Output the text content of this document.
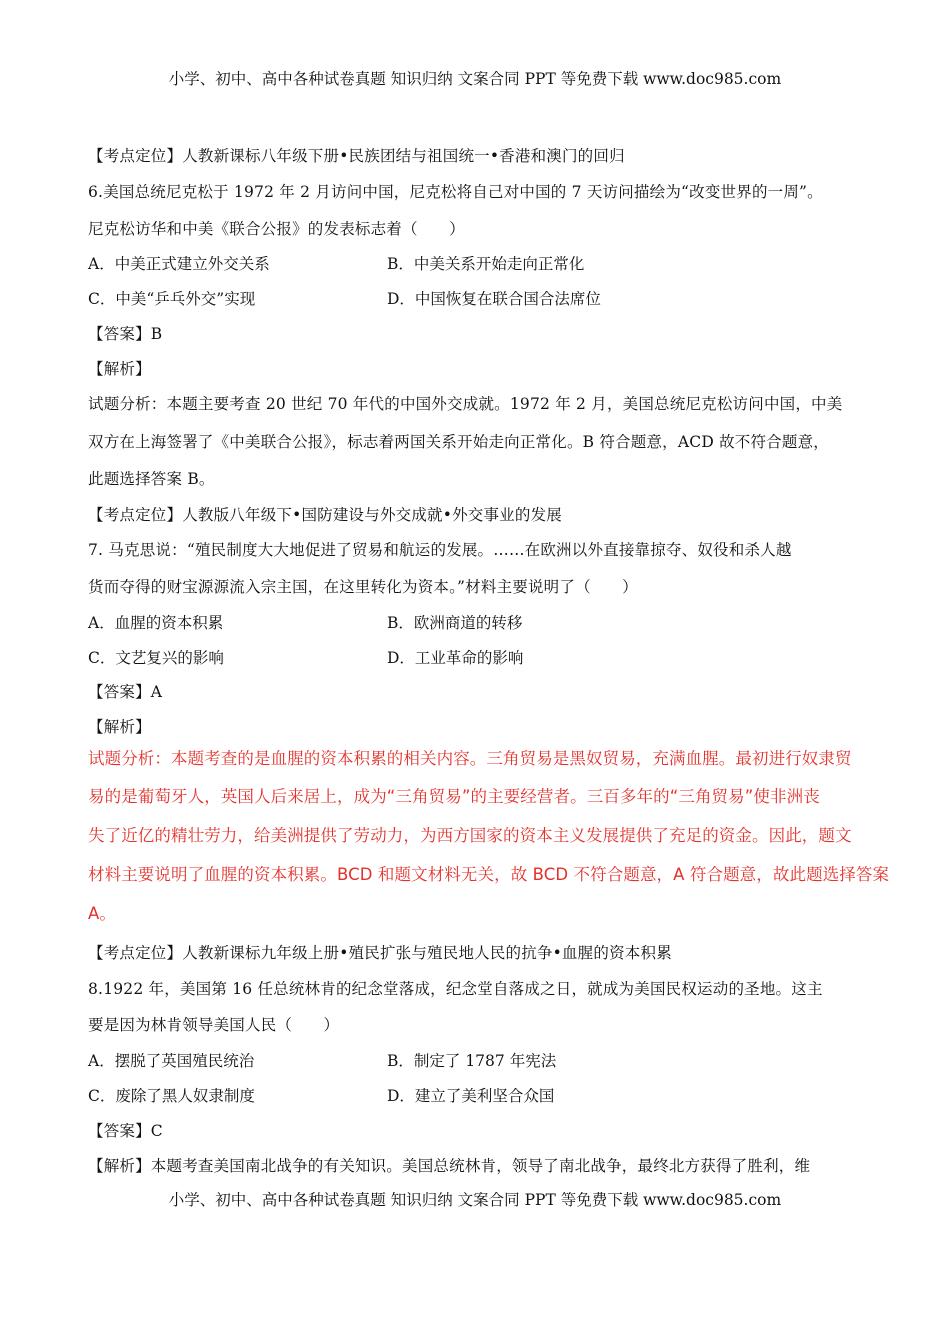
小学、初中、高中各种试卷真题 知识归纳 文案合同 PPT 等免费下载 www.doc985.com
【考点定位】人教新课标八年级下册•民族团结与祖国统一•香港和澳门的回归
6.美国总统尼克松于 1972 年 2 月访问中国，尼克松将自己对中国的 7 天访问描绘为“改变世界的一周”。
尼克松访华和中美《联合公报》的发表标志着（　　）
A．中美正式建立外交关系	B．中美关系开始走向正常化
C．中美“乒乓外交”实现	D．中国恢复在联合国合法席位
【答案】B
【解析】
试题分析：本题主要考查 20 世纪 70 年代的中国外交成就。1972 年 2 月，美国总统尼克松访问中国，中美
双方在上海签署了《中美联合公报》，标志着两国关系开始走向正常化。B 符合题意，ACD 故不符合题意，
此题选择答案 B。
【考点定位】人教版八年级下•国防建设与外交成就•外交事业的发展
7. 马克思说：“殖民制度大大地促进了贸易和航运的发展。……在欧洲以外直接靠掠夺、奴役和杀人越
货而夺得的财宝源源流入宗主国，在这里转化为资本。”材料主要说明了（　　）
A．血腥的资本积累	B．欧洲商道的转移
C．文艺复兴的影响	D．工业革命的影响
【答案】A
【解析】
试题分析：本题考查的是血腥的资本积累的相关内容。三角贸易是黑奴贸易，充满血腥。最初进行奴隶贸
易的是葡萄牙人，英国人后来居上，成为“三角贸易”的主要经营者。三百多年的“三角贸易”使非洲丧
失了近亿的精壮劳力，给美洲提供了劳动力，为西方国家的资本主义发展提供了充足的资金。因此，题文
材料主要说明了血腥的资本积累。BCD 和题文材料无关，故 BCD 不符合题意，A 符合题意，故此题选择答案
A。
【考点定位】人教新课标九年级上册•殖民扩张与殖民地人民的抗争•血腥的资本积累
8.1922 年，美国第 16 任总统林肯的纪念堂落成，纪念堂自落成之日，就成为美国民权运动的圣地。这主
要是因为林肯领导美国人民（　　）
A．摆脱了英国殖民统治	B．制定了 1787 年宪法
C．废除了黑人奴隶制度	D．建立了美利坚合众国
【答案】C
【解析】本题考查美国南北战争的有关知识。美国总统林肯，领导了南北战争，最终北方获得了胜利，维
小学、初中、高中各种试卷真题 知识归纳 文案合同 PPT 等免费下载 www.doc985.com
